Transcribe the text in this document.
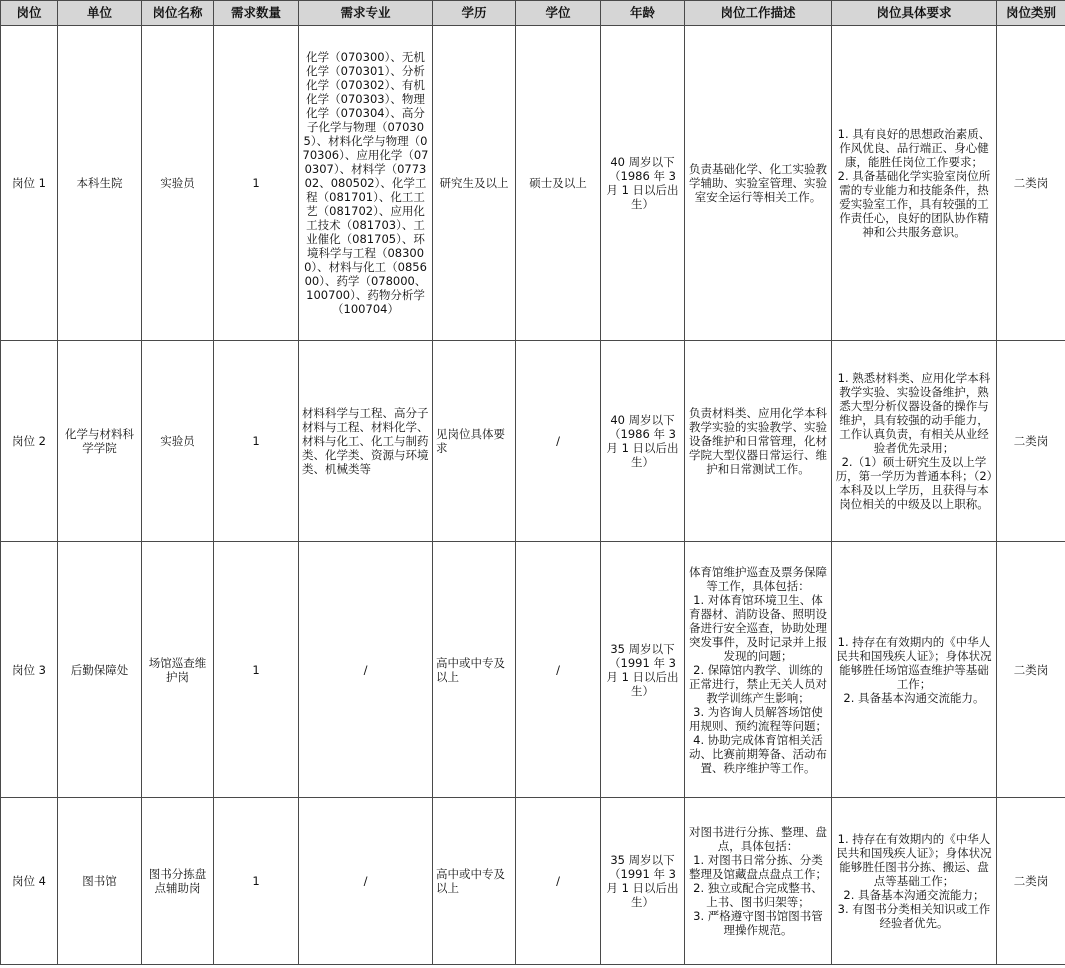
岗位	单位	岗位名称	需求数量	需求专业	学历	学位	年龄	岗位工作描述	岗位具体要求	岗位类别
岗位 1	本科生院	实验员	1	化学（070300）、无机化学（070301）、分析化学（070302）、有机化学（070303）、物理化学（070304）、高分子化学与物理（070305）、材料化学与物理（070306）、应用化学（070307）、材料学（077302、080502）、化学工程（081701）、化工工艺（081702）、应用化工技术（081703）、工业催化（081705）、环境科学与工程（083000）、材料与化工（085600）、药学（078000、100700）、药物分析学（100704）	研究生及以上	硕士及以上	40 周岁以下（1986 年 3 月 1 日以后出生）	负责基础化学、化工实验教学辅助、实验室管理、实验室安全运行等相关工作。	1. 具有良好的思想政治素质、作风优良、品行端正、身心健康，能胜任岗位工作要求；
2. 具备基础化学实验室岗位所需的专业能力和技能条件，热爱实验室工作，具有较强的工作责任心，良好的团队协作精神和公共服务意识。	二类岗
岗位 2	化学与材料科学学院	实验员	1	材料科学与工程、高分子材料与工程、材料化学、材料与化工、化工与制药类、化学类、资源与环境类、机械类等	见岗位具体要求	/	40 周岁以下（1986 年 3 月 1 日以后出生）	负责材料类、应用化学本科教学实验的实验教学、实验设备维护和日常管理，化材学院大型仪器日常运行、维护和日常测试工作。	1. 熟悉材料类、应用化学本科教学实验、实验设备维护，熟悉大型分析仪器设备的操作与维护，具有较强的动手能力，工作认真负责，有相关从业经验者优先录用；
2.（1）硕士研究生及以上学历，第一学历为普通本科；（2）本科及以上学历，且获得与本岗位相关的中级及以上职称。	二类岗
岗位 3	后勤保障处	场馆巡查维护岗	1	/	高中或中专及以上	/	35 周岁以下（1991 年 3 月 1 日以后出生）	体育馆维护巡查及票务保障等工作，具体包括：
1. 对体育馆环境卫生、体育器材、消防设备、照明设备进行安全巡查，协助处理突发事件，及时记录并上报发现的问题；
2. 保障馆内教学、训练的正常进行，禁止无关人员对教学训练产生影响；
3. 为咨询人员解答场馆使用规则、预约流程等问题；
4. 协助完成体育馆相关活动、比赛前期筹备、活动布置、秩序维护等工作。	1. 持存在有效期内的《中华人民共和国残疾人证》；身体状况能够胜任场馆巡查维护等基础工作；
2. 具备基本沟通交流能力。	二类岗
岗位 4	图书馆	图书分拣盘点辅助岗	1	/	高中或中专及以上	/	35 周岁以下（1991 年 3 月 1 日以后出生）	对图书进行分拣、整理、盘点，具体包括：
1. 对图书日常分拣、分类整理及馆藏盘点盘点工作；
2. 独立或配合完成整书、上书、图书归架等；
3. 严格遵守图书馆图书管理操作规范。	1. 持存在有效期内的《中华人民共和国残疾人证》；身体状况能够胜任图书分拣、搬运、盘点等基础工作；
2. 具备基本沟通交流能力；
3. 有图书分类相关知识或工作经验者优先。	二类岗
